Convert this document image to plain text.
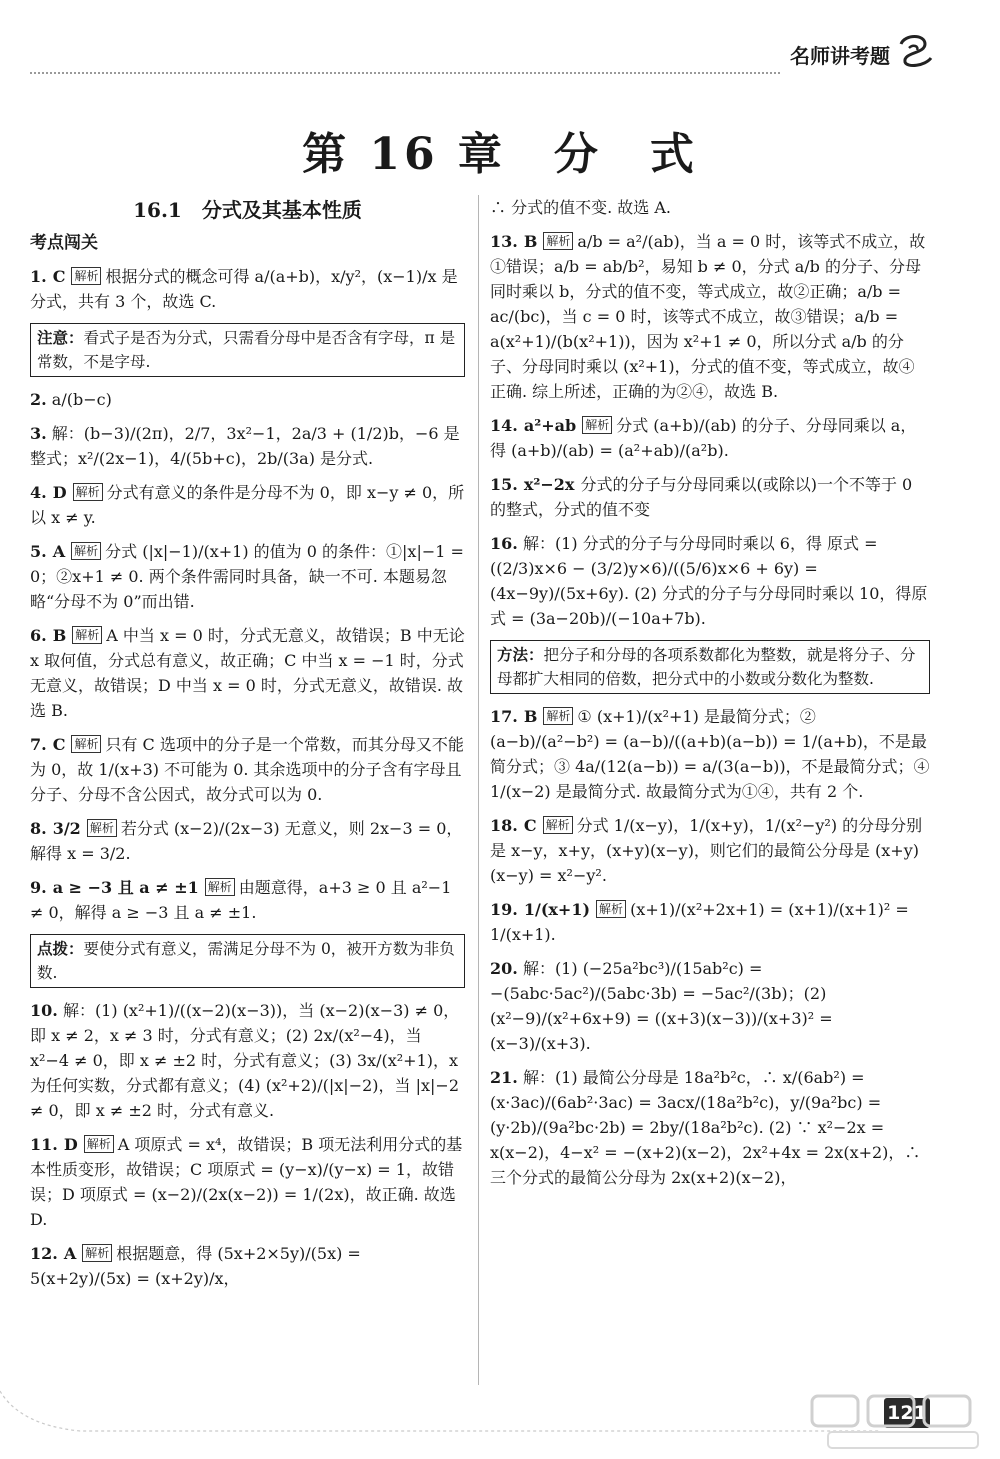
名师讲考题
第 16 章　分　式
16.1　分式及其基本性质
考点闯关
1. C 解析 根据分式的概念可得 a/(a+b)，x/y²，(x−1)/x 是分式，共有 3 个，故选 C.
注意：看式子是否为分式，只需看分母中是否含有字母，π 是常数，不是字母.
2. a/(b−c)
3. 解：(b−3)/(2π)，2/7，3x²−1，2a/3 + (1/2)b，−6 是整式；x²/(2x−1)，4/(5b+c)，2b/(3a) 是分式.
4. D 解析 分式有意义的条件是分母不为 0，即 x−y ≠ 0，所以 x ≠ y.
5. A 解析 分式 (|x|−1)/(x+1) 的值为 0 的条件：①|x|−1 = 0；②x+1 ≠ 0. 两个条件需同时具备，缺一不可. 本题易忽略“分母不为 0”而出错.
6. B 解析 A 中当 x = 0 时，分式无意义，故错误；B 中无论 x 取何值，分式总有意义，故正确；C 中当 x = −1 时，分式无意义，故错误；D 中当 x = 0 时，分式无意义，故错误. 故选 B.
7. C 解析 只有 C 选项中的分子是一个常数，而其分母又不能为 0，故 1/(x+3) 不可能为 0. 其余选项中的分子含有字母且分子、分母不含公因式，故分式可以为 0.
8. 3/2 解析 若分式 (x−2)/(2x−3) 无意义，则 2x−3 = 0，解得 x = 3/2.
9. a ≥ −3 且 a ≠ ±1 解析 由题意得，a+3 ≥ 0 且 a²−1 ≠ 0，解得 a ≥ −3 且 a ≠ ±1.
点拨：要使分式有意义，需满足分母不为 0，被开方数为非负数.
10. 解：(1) (x²+1)/((x−2)(x−3))，当 (x−2)(x−3) ≠ 0，即 x ≠ 2，x ≠ 3 时，分式有意义；(2) 2x/(x²−4)，当 x²−4 ≠ 0，即 x ≠ ±2 时，分式有意义；(3) 3x/(x²+1)，x 为任何实数，分式都有意义；(4) (x²+2)/(|x|−2)，当 |x|−2 ≠ 0，即 x ≠ ±2 时，分式有意义.
11. D 解析 A 项原式 = x⁴，故错误；B 项无法利用分式的基本性质变形，故错误；C 项原式 = (y−x)/(y−x) = 1，故错误；D 项原式 = (x−2)/(2x(x−2)) = 1/(2x)，故正确. 故选 D.
12. A 解析 根据题意，得 (5x+2×5y)/(5x) = 5(x+2y)/(5x) = (x+2y)/x，
∴ 分式的值不变. 故选 A.
13. B 解析 a/b = a²/(ab)，当 a = 0 时，该等式不成立，故①错误；a/b = ab/b²，易知 b ≠ 0，分式 a/b 的分子、分母同时乘以 b，分式的值不变，等式成立，故②正确；a/b = ac/(bc)，当 c = 0 时，该等式不成立，故③错误；a/b = a(x²+1)/(b(x²+1))，因为 x²+1 ≠ 0，所以分式 a/b 的分子、分母同时乘以 (x²+1)，分式的值不变，等式成立，故④正确. 综上所述，正确的为②④，故选 B.
14. a²+ab 解析 分式 (a+b)/(ab) 的分子、分母同乘以 a，得 (a+b)/(ab) = (a²+ab)/(a²b).
15. x²−2x 分式的分子与分母同乘以(或除以)一个不等于 0 的整式，分式的值不变
16. 解：(1) 分式的分子与分母同时乘以 6，得 原式 = ((2/3)x×6 − (3/2)y×6)/((5/6)x×6 + 6y) = (4x−9y)/(5x+6y). (2) 分式的分子与分母同时乘以 10，得原式 = (3a−20b)/(−10a+7b).
方法：把分子和分母的各项系数都化为整数，就是将分子、分母都扩大相同的倍数，把分式中的小数或分数化为整数.
17. B 解析 ① (x+1)/(x²+1) 是最简分式；② (a−b)/(a²−b²) = (a−b)/((a+b)(a−b)) = 1/(a+b)，不是最简分式；③ 4a/(12(a−b)) = a/(3(a−b))，不是最简分式；④ 1/(x−2) 是最简分式. 故最简分式为①④，共有 2 个.
18. C 解析 分式 1/(x−y)，1/(x+y)，1/(x²−y²) 的分母分别是 x−y，x+y，(x+y)(x−y)，则它们的最简公分母是 (x+y)(x−y) = x²−y².
19. 1/(x+1) 解析 (x+1)/(x²+2x+1) = (x+1)/(x+1)² = 1/(x+1).
20. 解：(1) (−25a²bc³)/(15ab²c) = −(5abc·5ac²)/(5abc·3b) = −5ac²/(3b)；(2) (x²−9)/(x²+6x+9) = ((x+3)(x−3))/(x+3)² = (x−3)/(x+3).
21. 解：(1) 最简公分母是 18a²b²c，∴ x/(6ab²) = (x·3ac)/(6ab²·3ac) = 3acx/(18a²b²c)，y/(9a²bc) = (y·2b)/(9a²bc·2b) = 2by/(18a²b²c). (2) ∵ x²−2x = x(x−2)，4−x² = −(x+2)(x−2)，2x²+4x = 2x(x+2)，∴ 三个分式的最简公分母为 2x(x+2)(x−2)，
121
